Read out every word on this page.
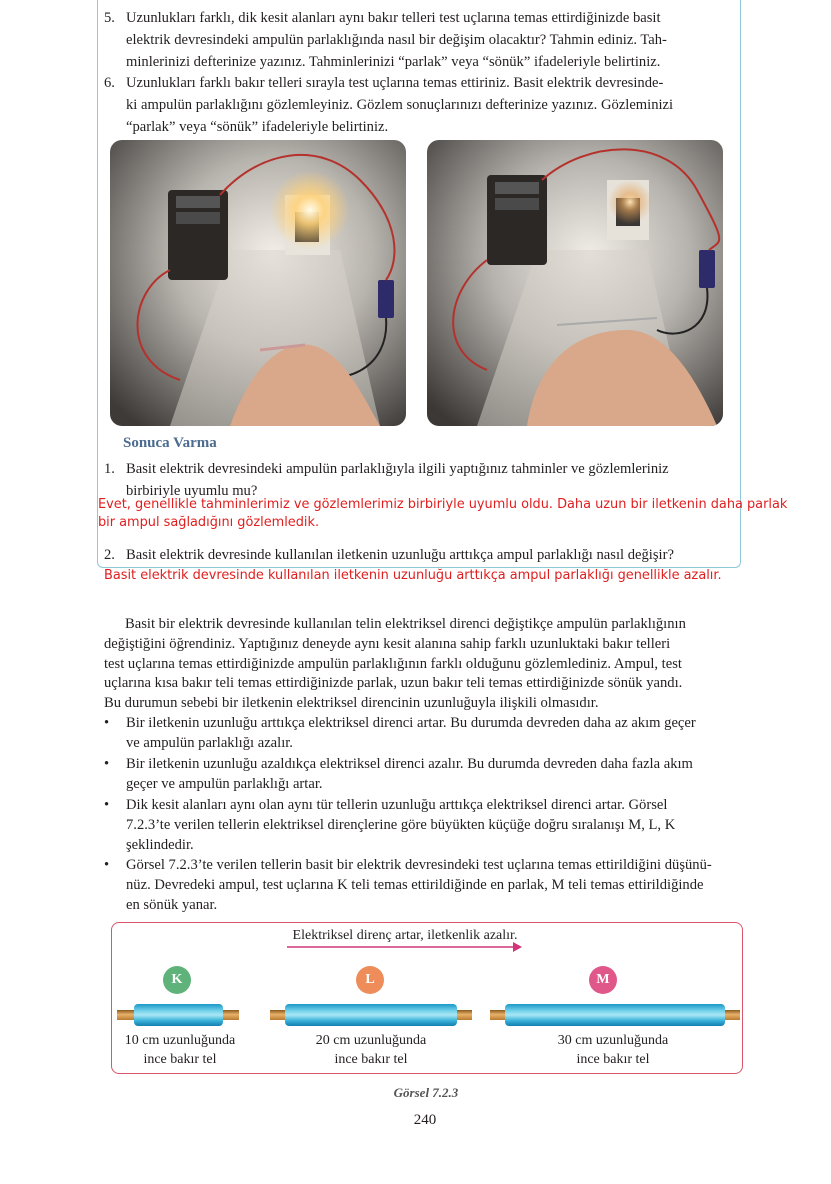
5. Uzunlukları farklı, dik kesit alanları aynı bakır telleri test uçlarına temas ettirdiğinizde basit
elektrik devresindeki ampulün parlaklığında nasıl bir değişim olacaktır? Tahmin ediniz. Tah-
minlerinizi defterinize yazınız. Tahminlerinizi “parlak” veya “sönük” ifadeleriyle belirtiniz.
6. Uzunlukları farklı bakır telleri sırayla test uçlarına temas ettiriniz. Basit elektrik devresinde-
ki ampulün parlaklığını gözlemleyiniz. Gözlem sonuçlarınızı defterinize yazınız. Gözleminizi
“parlak” veya “sönük” ifadeleriyle belirtiniz.
Sonuca Varma
1. Basit elektrik devresindeki ampulün parlaklığıyla ilgili yaptığınız tahminler ve gözlemleriniz
birbiriyle uyumlu mu?
Evet, genellikle tahminlerimiz ve gözlemlerimiz birbiriyle uyumlu oldu. Daha uzun bir iletkenin daha parlak
bir ampul sağladığını gözlemledik.
2. Basit elektrik devresinde kullanılan iletkenin uzunluğu arttıkça ampul parlaklığı nasıl değişir?
Basit elektrik devresinde kullanılan iletkenin uzunluğu arttıkça ampul parlaklığı genellikle azalır.
Basit bir elektrik devresinde kullanılan telin elektriksel direnci değiştikçe ampulün parlaklığının
değiştiğini öğrendiniz. Yaptığınız deneyde aynı kesit alanına sahip farklı uzunluktaki bakır telleri
test uçlarına temas ettirdiğinizde ampulün parlaklığının farklı olduğunu gözlemlediniz. Ampul, test
uçlarına kısa bakır teli temas ettirdiğinizde parlak, uzun bakır teli temas ettirdiğinizde sönük yandı.
Bu durumun sebebi bir iletkenin elektriksel direncinin uzunluğuyla ilişkili olmasıdır.
• Bir iletkenin uzunluğu arttıkça elektriksel direnci artar. Bu durumda devreden daha az akım geçer
ve ampulün parlaklığı azalır.
• Bir iletkenin uzunluğu azaldıkça elektriksel direnci azalır. Bu durumda devreden daha fazla akım
geçer ve ampulün parlaklığı artar.
• Dik kesit alanları aynı olan aynı tür tellerin uzunluğu arttıkça elektriksel direnci artar. Görsel
7.2.3’te verilen tellerin elektriksel dirençlerine göre büyükten küçüğe doğru sıralanışı M, L, K
şeklindedir.
• Görsel 7.2.3’te verilen tellerin basit bir elektrik devresindeki test uçlarına temas ettirildiğini düşünü-
nüz. Devredeki ampul, test uçlarına K teli temas ettirildiğinde en parlak, M teli temas ettirildiğinde
en sönük yanar.
Elektriksel direnç artar, iletkenlik azalır.
K	L	M
10 cm uzunluğunda
ince bakır tel
20 cm uzunluğunda
ince bakır tel
30 cm uzunluğunda
ince bakır tel
Görsel 7.2.3
240
